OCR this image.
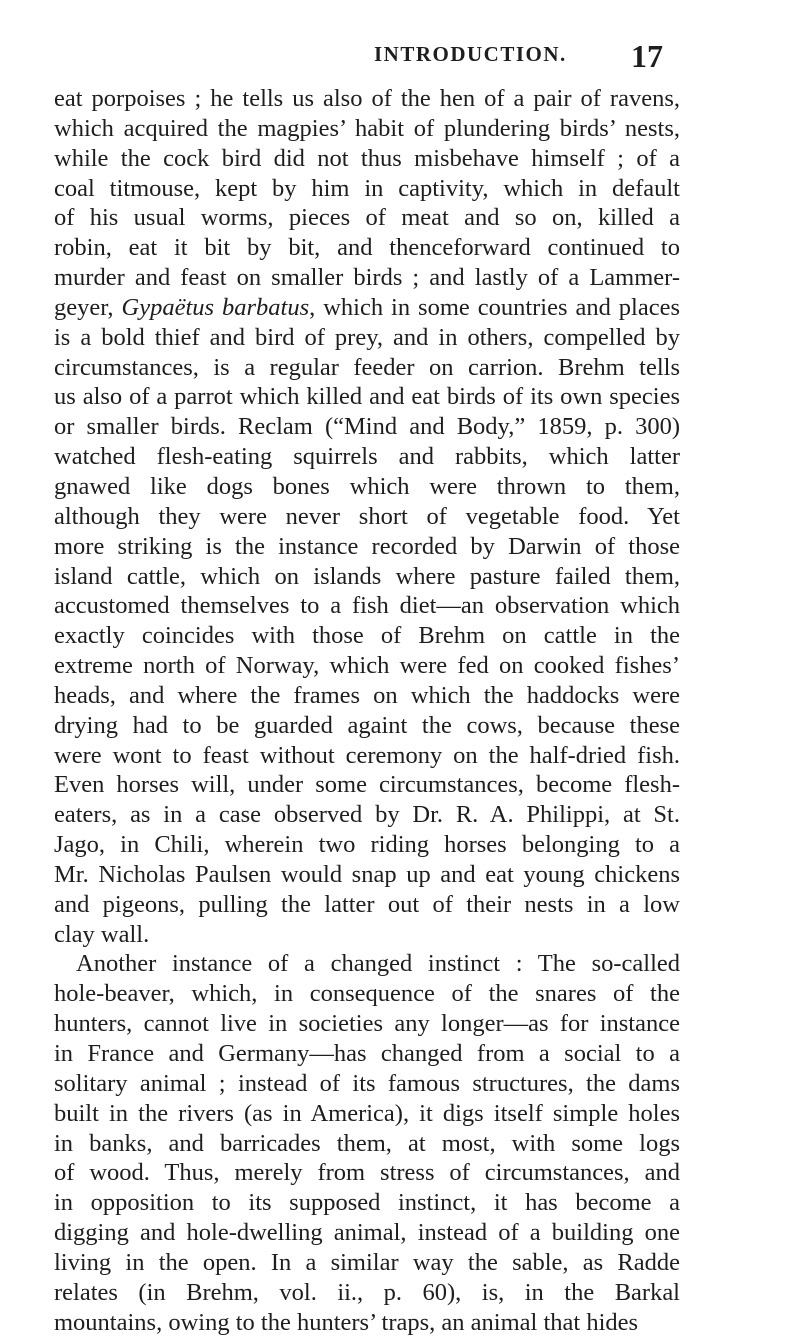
INTRODUCTION. 17
eat porpoises ; he tells us also of the hen of a pair of ravens,
which acquired the magpies’ habit of plundering birds’ nests,
while the cock bird did not thus misbehave himself ; of a
coal titmouse, kept by him in captivity, which in default
of his usual worms, pieces of meat and so on, killed a
robin, eat it bit by bit, and thenceforward continued to
murder and feast on smaller birds ; and lastly of a Lammer-
geyer, Gypaëtus barbatus, which in some countries and places
is a bold thief and bird of prey, and in others, compelled by
circumstances, is a regular feeder on carrion. Brehm tells
us also of a parrot which killed and eat birds of its own species
or smaller birds. Reclam (“Mind and Body,” 1859, p. 300)
watched flesh-eating squirrels and rabbits, which latter
gnawed like dogs bones which were thrown to them,
although they were never short of vegetable food. Yet
more striking is the instance recorded by Darwin of those
island cattle, which on islands where pasture failed them,
accustomed themselves to a fish diet—an observation which
exactly coincides with those of Brehm on cattle in the
extreme north of Norway, which were fed on cooked fishes’
heads, and where the frames on which the haddocks were
drying had to be guarded againt the cows, because these
were wont to feast without ceremony on the half-dried fish.
Even horses will, under some circumstances, become flesh-
eaters, as in a case observed by Dr. R. A. Philippi, at St.
Jago, in Chili, wherein two riding horses belonging to a
Mr. Nicholas Paulsen would snap up and eat young chickens
and pigeons, pulling the latter out of their nests in a low
clay wall.
Another instance of a changed instinct : The so-called
hole-beaver, which, in consequence of the snares of the
hunters, cannot live in societies any longer—as for instance
in France and Germany—has changed from a social to a
solitary animal ; instead of its famous structures, the dams
built in the rivers (as in America), it digs itself simple holes
in banks, and barricades them, at most, with some logs
of wood. Thus, merely from stress of circumstances, and
in opposition to its supposed instinct, it has become a
digging and hole-dwelling animal, instead of a building one
living in the open. In a similar way the sable, as Radde
relates (in Brehm, vol. ii., p. 60), is, in the Barkal
mountains, owing to the hunters’ traps, an animal that hides
